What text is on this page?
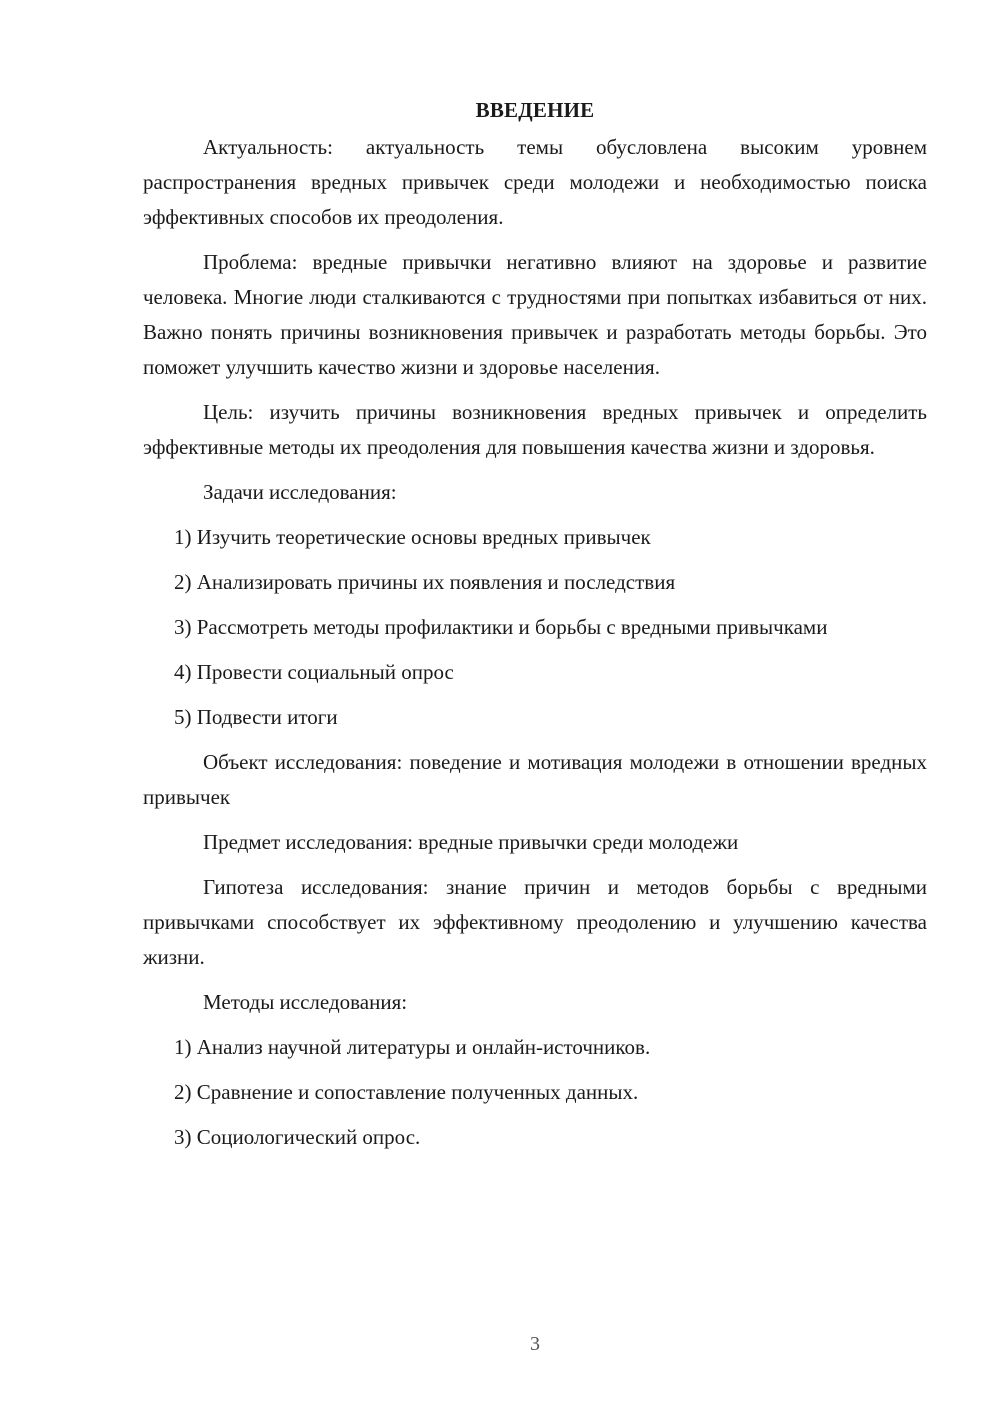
ВВЕДЕНИЕ

Актуальность: актуальность темы обусловлена высоким уровнем распространения вредных привычек среди молодежи и необходимостью поиска эффективных способов их преодоления.

Проблема: вредные привычки негативно влияют на здоровье и развитие человека. Многие люди сталкиваются с трудностями при попытках избавиться от них. Важно понять причины возникновения привычек и разработать методы борьбы. Это поможет улучшить качество жизни и здоровье населения.

Цель: изучить причины возникновения вредных привычек и определить эффективные методы их преодоления для повышения качества жизни и здоровья.

Задачи исследования:

1) Изучить теоретические основы вредных привычек

2) Анализировать причины их появления и последствия

3) Рассмотреть методы профилактики и борьбы с вредными привычками

4) Провести социальный опрос

5) Подвести итоги

Объект исследования: поведение и мотивация молодежи в отношении вредных привычек

Предмет исследования: вредные привычки среди молодежи

Гипотеза исследования: знание причин и методов борьбы с вредными привычками способствует их эффективному преодолению и улучшению качества жизни.

Методы исследования:

1) Анализ научной литературы и онлайн-источников.

2) Сравнение и сопоставление полученных данных.

3) Социологический опрос.

3
